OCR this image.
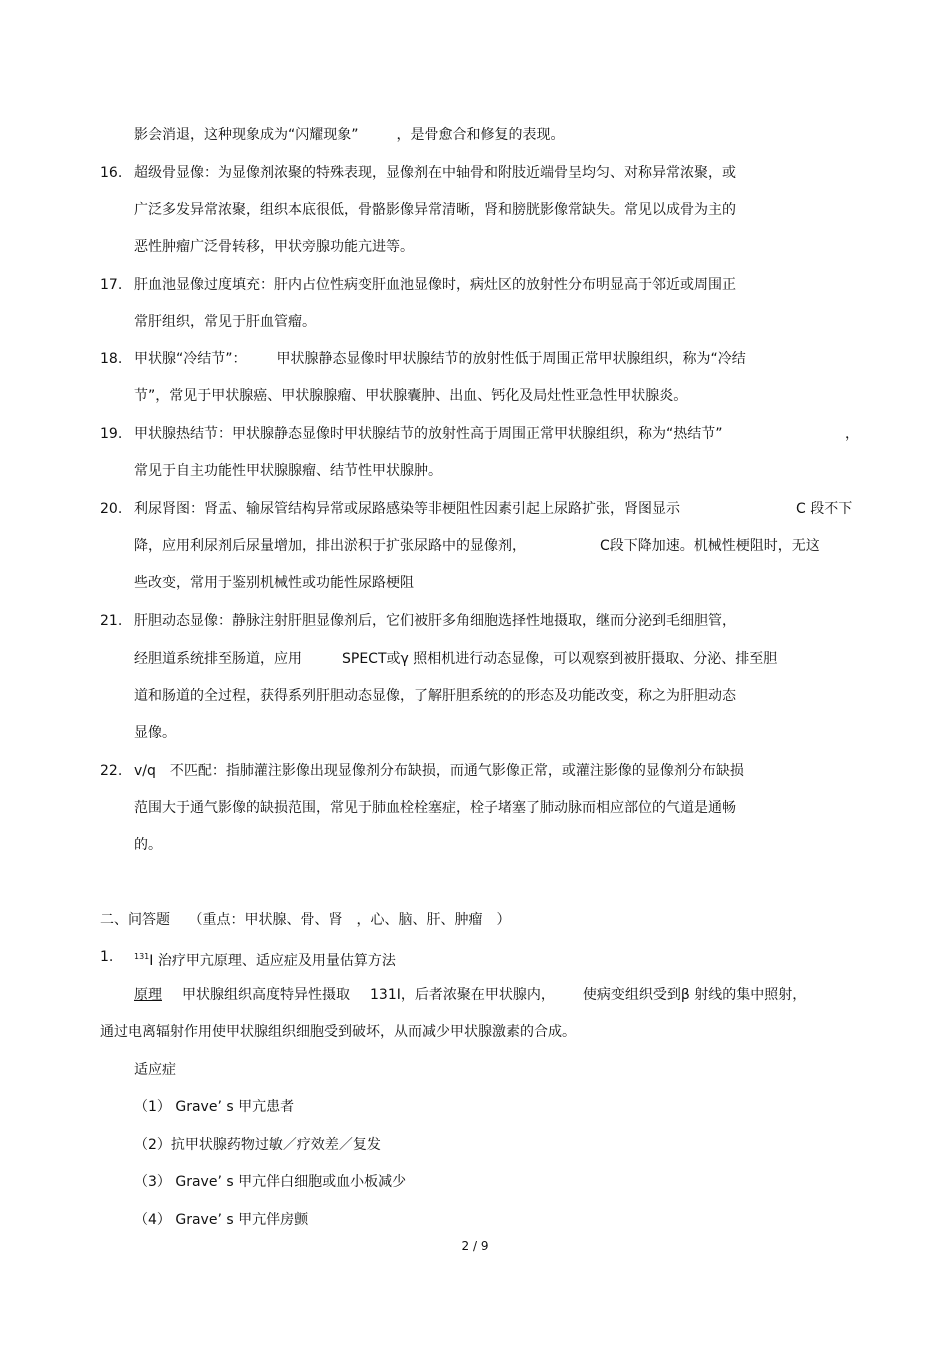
影会消退，这种现象成为“闪耀现象”	，是骨愈合和修复的表现。
16. 超级骨显像：为显像剂浓聚的特殊表现，显像剂在中轴骨和附肢近端骨呈均匀、对称异常浓聚，或
广泛多发异常浓聚，组织本底很低，骨骼影像异常清晰，肾和膀胱影像常缺失。常见以成骨为主的
恶性肿瘤广泛骨转移，甲状旁腺功能亢进等。
17. 肝血池显像过度填充：肝内占位性病变肝血池显像时，病灶区的放射性分布明显高于邻近或周围正
常肝组织，常见于肝血管瘤。
18. 甲状腺“冷结节”： 甲状腺静态显像时甲状腺结节的放射性低于周围正常甲状腺组织，称为“冷结
节”，常见于甲状腺癌、甲状腺腺瘤、甲状腺囊肿、出血、钙化及局灶性亚急性甲状腺炎。
19. 甲状腺热结节：甲状腺静态显像时甲状腺结节的放射性高于周围正常甲状腺组织，称为“热结节”	，
常见于自主功能性甲状腺腺瘤、结节性甲状腺肿。
20. 利尿肾图：肾盂、输尿管结构异常或尿路感染等非梗阻性因素引起上尿路扩张，肾图显示	C 段不下
降，应用利尿剂后尿量增加，排出淤积于扩张尿路中的显像剂，	C段下降加速。机械性梗阻时，无这
些改变，常用于鉴别机械性或功能性尿路梗阻
21. 肝胆动态显像：静脉注射肝胆显像剂后，它们被肝多角细胞选择性地摄取，继而分泌到毛细胆管，
经胆道系统排至肠道，应用	SPECT或γ 照相机进行动态显像，可以观察到被肝摄取、分泌、排至胆
道和肠道的全过程，获得系列肝胆动态显像，了解肝胆系统的的形态及功能改变，称之为肝胆动态
显像。
22. v/q　不匹配：指肺灌注影像出现显像剂分布缺损，而通气影像正常，或灌注影像的显像剂分布缺损
范围大于通气影像的缺损范围，常见于肺血栓栓塞症，栓子堵塞了肺动脉而相应部位的气道是通畅
的。
二、问答题　 （重点：甲状腺、骨、肾　，心、脑、肝、肿瘤　）
1.	$^{131}$I 治疗甲亢原理、适应症及用量估算方法
原理 甲状腺组织高度特异性摄取 131I，后者浓聚在甲状腺内， 使病变组织受到β 射线的集中照射，
通过电离辐射作用使甲状腺组织细胞受到破坏，从而减少甲状腺激素的合成。
适应症
（1） Grave’ s 甲亢患者
（2）抗甲状腺药物过敏／疗效差／复发
（3） Grave’ s 甲亢伴白细胞或血小板减少
（4） Grave’ s 甲亢伴房颤
2 / 9
